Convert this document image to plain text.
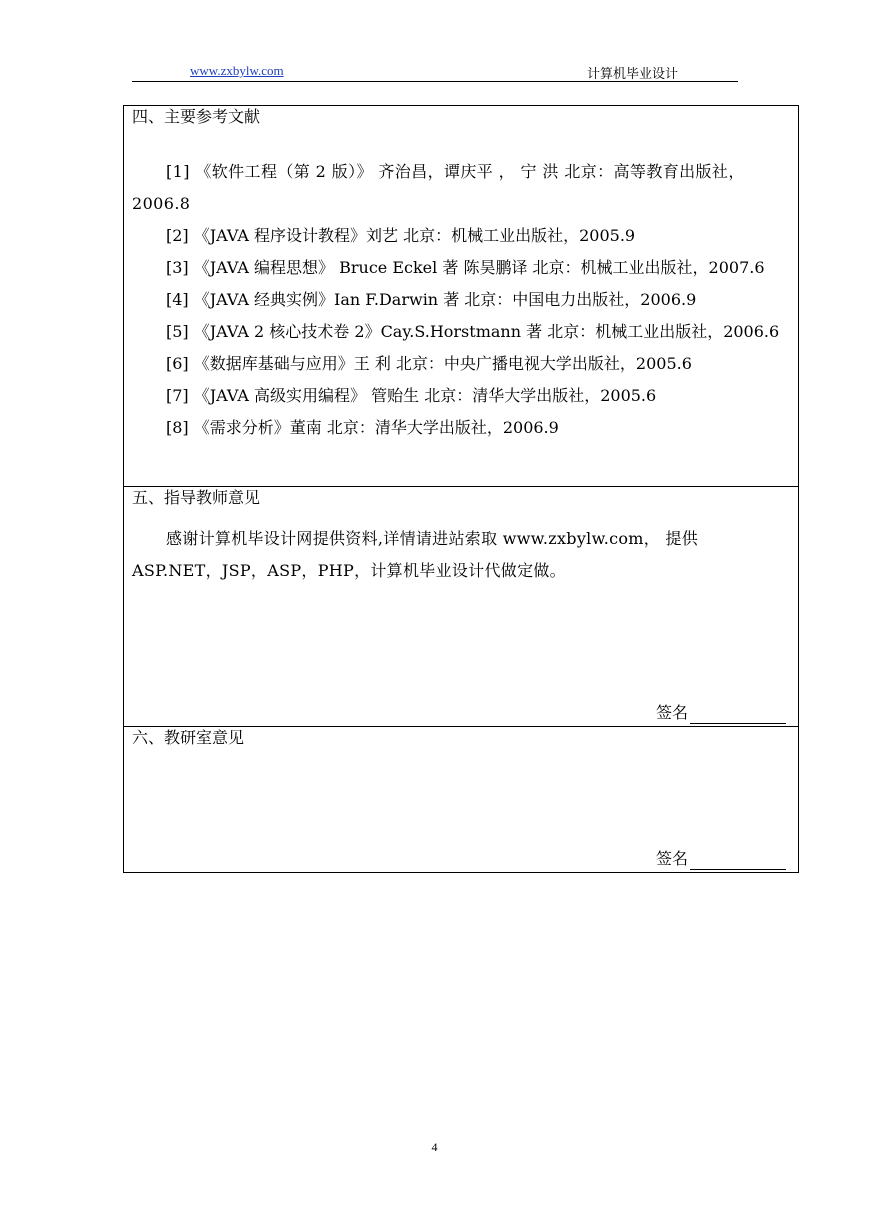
www.zxbylw.com	计算机毕业设计
四、主要参考文献
[1] 《软件工程（第 2 版）》 齐治昌，谭庆平 ， 宁 洪 北京：高等教育出版社，2006.8
[2] 《JAVA 程序设计教程》刘艺 北京：机械工业出版社，2005.9
[3] 《JAVA 编程思想》 Bruce Eckel 著 陈昊鹏译 北京：机械工业出版社，2007.6
[4] 《JAVA 经典实例》Ian F.Darwin 著 北京：中国电力出版社，2006.9
[5] 《JAVA 2 核心技术卷 2》Cay.S.Horstmann 著 北京：机械工业出版社，2006.6
[6] 《数据库基础与应用》王 利 北京：中央广播电视大学出版社，2005.6
[7] 《JAVA 高级实用编程》 管贻生 北京：清华大学出版社，2005.6
[8] 《需求分析》董南 北京：清华大学出版社，2006.9
五、指导教师意见
感谢计算机毕设计网提供资料,详情请进站索取 www.zxbylw.com， 提供 ASP.NET，JSP，ASP，PHP，计算机毕业设计代做定做。
签名
六、教研室意见
签名
4
